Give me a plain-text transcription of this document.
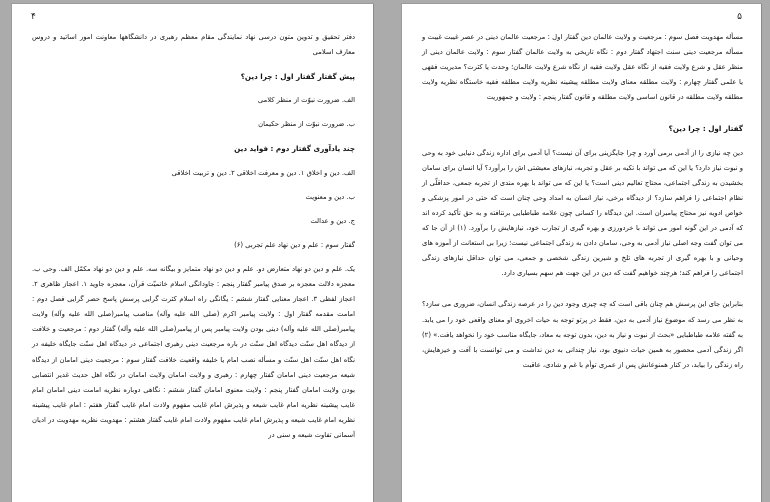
۴

دفتر تحقیق و تدوین متون درسی نهاد نمایندگی مقام معظم رهبری در دانشگاهها معاونت امور اساتید و دروس معارف اسلامی

پیش گفتار گفتار اول : چرا دین؟

الف. ضرورت نبوّت از منظر کلامی

ب. ضرورت نبوّت از منظر حکیمان

چند یادآوری گفتار دوم : فواید دین

الف. دین و اخلاق ۱. دین و معرفت اخلاقی ۲. دین و تربیت اخلاقی

ب. دین و معنویت

ج. دین و عدالت

گفتار سوم : علم و دین نهاد علم تجربی (۶)

یک. علم و دین دو نهاد متعارض دو. علم و دین دو نهاد متمایز و بیگانه سه. علم و دین دو نهاد مکمّل الف. وحی ب. معجزه دلالت معجزه بر صدق پیامبر گفتار پنجم : جاودانگی اسلام خاتمیّت قرآن، معجزه جاوید ۱. اعجاز ظاهری ۲. اعجاز لفظی ۳. اعجاز معنایی گفتار ششم : یگانگی راه اسلام کثرت گرایی پرسش پاسخ حصر گرایی فصل دوم : امامت مقدمه گفتار اول : ولایت پیامبر اکرم (صلی الله علیه وآله) مناصب پیامبر(صلی الله علیه وآله) ولایت پیامبر(صلی الله علیه وآله) دینی بودن ولایت پیامبر پس از پیامبر(صلی الله علیه وآله) گفتار دوم : مرجعیت و خلافت از دیدگاه اهل سنّت دیدگاه اهل سنّت در باره مرجعیت دینی رهبری اجتماعی در دیدگاه اهل سنّت جایگاه خلیفه در نگاه اهل سنّت اهل سنّت و مسأله نصب امام یا خلیفه واقعیت خلافت گفتار سوم : مرجعیت دینی امامان از دیدگاه شیعه مرجعیت دینی امامان گفتار چهارم : رهبری و ولایت امامان ولایت امامان در نگاه اهل حدیث غدیر انتصابی بودن ولایت امامان گفتار پنجم : ولایت معنوی امامان گفتار ششم : نگاهی دوباره نظریه امامت دینی امامان امام غایب پیشینه نظریه امام غایب شیعه و پذیرش امام غایب مفهوم ولادت امام غایب گفتار هفتم : امام غایب پیشینه نظریه امام غایب شیعه و پذیرش امام غایب مفهوم ولادت امام غایب گفتار هشتم : مهدویت نظریه مهدویت در ادیان آسمانی تفاوت شیعه و سنی در

۵

مسأله مهدویت فصل سوم : مرجعیت و ولایت عالمان دین گفتار اول : مرجعیت عالمان دینی در عصر غیبت غیبت و مسأله مرجعیت دینی سنت اجتهاد گفتار دوم : نگاه تاریخی به ولایت عالمان گفتار سوم : ولایت عالمان دینی از منظر عقل و شرع ولایت فقیه از نگاه عقل ولایت فقیه از نگاه شرع ولایت عالمان؛ وحدت یا کثرت؟ مدیریت فقهی یا علمی گفتار چهارم : ولایت مطلقه معنای ولایت مطلقه پیشینه نظریه ولایت مطلقه فقیه خاستگاه نظریه ولایت مطلقه ولایت مطلقه در قانون اساسی ولایت مطلقه و قانون گفتار پنجم : ولایت و جمهوریت

گفتار اول : چرا دین؟

دین چه نیازی را از آدمی برمی آورد و چرا جایگزینی برای آن نیست؟ آیا آدمی برای اداره زندگی دنیایی خود به وحی و نبوت نیاز دارد؟ یا این که می تواند با تکیه بر عقل و تجربه، نیازهای معیشتی اش را برآورد؟ آیا انسان برای سامان بخشیدن به زندگی اجتماعی، محتاج تعالیم دینی است؟ یا این که می تواند با بهره مندی از تجربه جمعی، حداقلّی از نظام اجتماعی را فراهم سازد؟ از دیدگاه برخی، نیاز انسان به امداد وحی چنان است که حتی در امور پزشکی و خواص ادویه نیز محتاج پیامبران است. این دیدگاه را کسانی چون علامه طباطبایی برنتافته و به حق تأکید کرده اند که آدمی در این گونه امور می تواند با خردورزی و بهره گیری از تجارب خود، نیازهایش را برآورد. (۱) از آن جا که می توان گفت وجه اصلی نیاز آدمی به وحی، سامان دادن به زندگی اجتماعی نیست؛ زیرا بی استعانت از آموزه های وحیانی و با بهره گیری از تجربه های تلخ و شیرین زندگی شخصی و جمعی، می توان حداقل نیازهای زندگی اجتماعی را فراهم کند؛ هرچند خواهیم گفت که دین در این جهت هم سهم بسیاری دارد.

بنابراین جای این پرسش هم چنان باقی است که چه چیزی وجود دین را در عرصه زندگی انسان، ضروری می سازد؟ به نظر می رسد که موضوع نیاز آدمی به دین، فقط در پرتو توجه به حیات اخروی او معنای واقعی خود را می یابد. به گفته علامه طباطبایی «بحث از نبوت و نیاز به دین، بدون توجه به معاد، جایگاه مناسب خود را نخواهد یافت.» (۲) اگر زندگی آدمی محصور به همین حیات دنیوی بود، نیاز چندانی به دین نداشت و می توانست با آفت و خیزهایش، راه زندگی را بیابد، در کنار همنوعانش پس از عمری توأم با غم و شادی، عاقبت
